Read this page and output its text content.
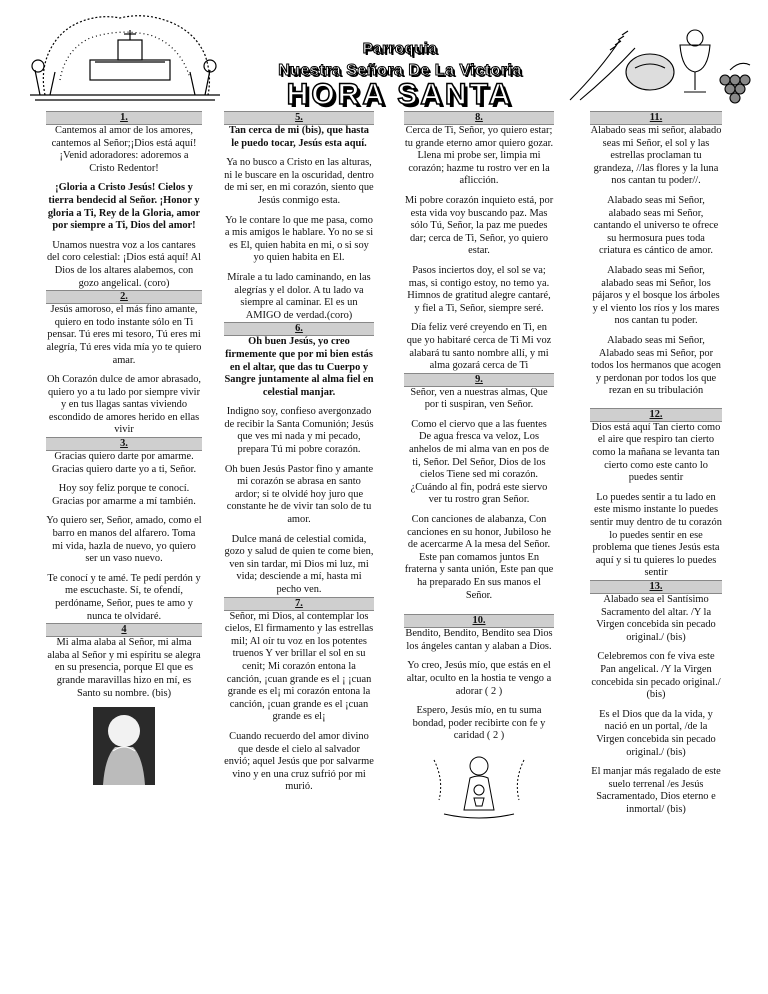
Parroquia
Nuestra Señora De La Victoria
HORA SANTA
1.

Cantemos al amor de los amores, cantemos al Señor;¡Dios está aquí! ¡Venid adoradores: adoremos a Cristo Redentor!

¡Gloria a Cristo Jesús! Cielos y tierra bendecid al Señor. ¡Honor y gloria a Ti, Rey de la Gloria, amor por siempre a Ti, Dios del amor!

Unamos nuestra voz a los cantares del coro celestial: ¡Dios está aquí! Al Dios de los altares alabemos, con gozo angelical. (coro)

2.

Jesús amoroso, el más fino amante, quiero en todo instante sólo en Ti pensar. Tú eres mi tesoro, Tú eres mi alegría, Tú eres vida mía yo te quiero amar.

Oh Corazón dulce de amor abrasado, quiero yo a tu lado por siempre vivir y en tus llagas santas viviendo escondido de amores herido en ellas vivir

3.

Gracias quiero darte por amarme. Gracias quiero darte yo a ti, Señor.

Hoy soy feliz porque te conocí. Gracias por amarme a mí también.

Yo quiero ser, Señor, amado, como el barro en manos del alfarero. Toma mi vida, hazla de nuevo, yo quiero ser un vaso nuevo.

Te conocí y te amé. Te pedí perdón y me escuchaste. Sí, te ofendí, perdóname, Señor, pues te amo y nunca te olvidaré.

4

Mi alma alaba al Señor, mi alma alaba al Señor y mi espíritu se alegra en su presencia, porque El que es grande maravillas hizo en mí, es Santo su nombre. (bis)

5.

Tan cerca de mi (bis), que hasta le puedo tocar, Jesús esta aquí.

Ya no busco a Cristo en las alturas, ni le buscare en la oscuridad, dentro de mi ser, en mi corazón, siento que Jesús conmigo esta.

Yo le contare lo que me pasa, como a mis amigos le hablare. Yo no se si es El, quien habita en mi, o si soy yo quien habita en El.

Mírale a tu lado caminando, en las alegrías y el dolor. A tu lado va siempre al caminar. El es un AMIGO de verdad.(coro)

6.

Oh buen Jesús, yo creo firmemente que por mi bien estás en el altar, que das tu Cuerpo y Sangre juntamente al alma fiel en celestial manjar.

Indigno soy, confieso avergonzado de recibir la Santa Comunión; Jesús que ves mi nada y mi pecado, prepara Tú mi pobre corazón.

Oh buen Jesús Pastor fino y amante mi corazón se abrasa en santo ardor; si te olvidé hoy juro que constante he de vivir tan solo de tu amor.

Dulce maná de celestial comida, gozo y salud de quien te come bien, ven sin tardar, mi Dios mi luz, mi vida; desciende a mí, hasta mi pecho ven.

7.

Señor, mi Dios, al contemplar los cielos, El firmamento y las estrellas mil; Al oír tu voz en los potentes truenos Y ver brillar el sol en su cenit; Mi corazón entona la canción, ¡cuan grande es el ¡ ¡cuan grande es el¡ mi corazón entona la canción, ¡cuan grande es el ¡cuan grande es el¡

Cuando recuerdo del amor divino que desde el cielo al salvador envió; aquel Jesús que por salvarme vino y en una cruz sufrió por mi murió.

8.

Cerca de Ti, Señor, yo quiero estar; tu grande eterno amor quiero gozar. Llena mi probe ser, limpia mi corazón; hazme tu rostro ver en la aflicción.

Mi pobre corazón inquieto está, por esta vida voy buscando paz. Mas sólo Tú, Señor, la paz me puedes dar; cerca de Ti, Señor, yo quiero estar.

Pasos inciertos doy, el sol se va; mas, si contigo estoy, no temo ya. Himnos de gratitud alegre cantaré, y fiel a Ti, Señor, siempre seré.

Día feliz veré creyendo en Ti, en que yo habitaré cerca de Ti Mi voz alabará tu santo nombre allí, y mi alma gozará cerca de Ti

9.

Señor, ven a nuestras almas, Que por ti suspiran, ven Señor.

Como el ciervo que a las fuentes De agua fresca va veloz, Los anhelos de mi alma van en pos de ti, Señor. Del Señor, Dios de los cielos Tiene sed mi corazón. ¿Cuándo al fin, podrá este siervo ver tu rostro gran Señor.

Con canciones de alabanza, Con canciones en su honor, Jubiloso he de acercarme A la mesa del Señor. Este pan comamos juntos En fraterna y santa unión, Este pan que ha preparado En sus manos el Señor.

10.

Bendito, Bendito, Bendito sea Dios los ángeles cantan y alaban a Dios.

Yo creo, Jesús mío, que estás en el altar, oculto en la hostia te vengo a adorar ( 2 )

Espero, Jesús mío, en tu suma bondad, poder recibirte con fe y caridad ( 2 )

11.

Alabado seas mi señor, alabado seas mi Señor, el sol y las estrellas proclaman tu grandeza, //las flores y la luna nos cantan tu poder//.

Alabado seas mi Señor, alabado seas mi Señor, cantando el universo te ofrece su hermosura pues toda criatura es cántico de amor.

Alabado seas mi Señor, alabado seas mi Señor, los pájaros y el bosque los árboles y el viento los ríos y los mares nos cantan tu poder.

Alabado seas mi Señor, Alabado seas mi Señor, por todos los hermanos que acogen y perdonan por todos los que rezan en su tribulación

12.

Dios está aquí Tan cierto como el aire que respiro tan cierto como la mañana se levanta tan cierto como este canto lo puedes sentir

Lo puedes sentir a tu lado en este mismo instante lo puedes sentir muy dentro de tu corazón lo puedes sentir en ese problema que tienes Jesús esta aquí y si tu quieres lo puedes sentir

13.

Alabado sea el Santísimo Sacramento del altar. /Y la Virgen concebida sin pecado original./ (bis)

Celebremos con fe viva este Pan angelical. /Y la Virgen concebida sin pecado original./ (bis)

Es el Dios que da la vida, y nació en un portal, /de la Virgen concebida sin pecado original./ (bis)

El manjar más regalado de este suelo terrenal /es Jesús Sacramentado, Dios eterno e inmortal/ (bis)
